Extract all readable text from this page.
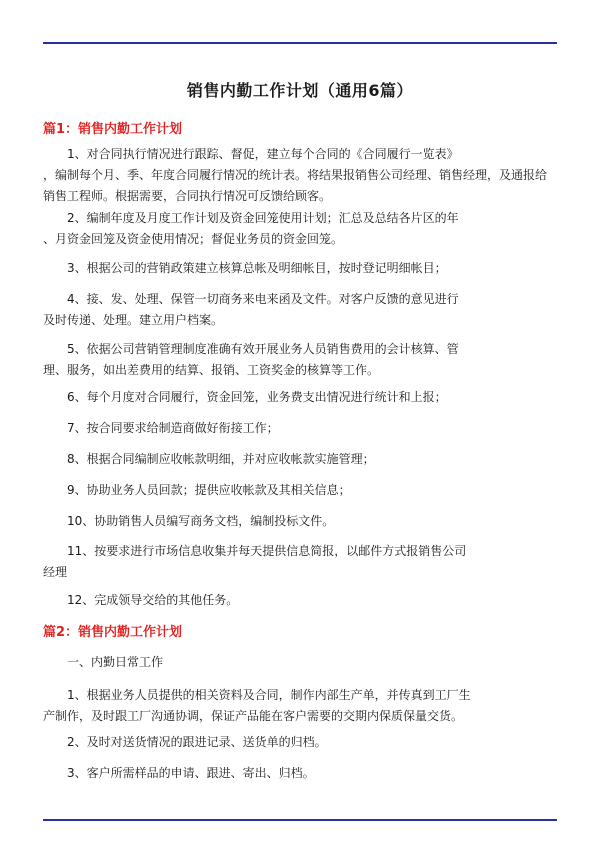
销售内勤工作计划（通用6篇）
篇1：销售内勤工作计划
1、对合同执行情况进行跟踪、督促，建立每个合同的《合同履行一览表》
，编制每个月、季、年度合同履行情况的统计表。将结果报销售公司经理、销售经理，及通报给
销售工程师。根据需要，合同执行情况可反馈给顾客。
2、编制年度及月度工作计划及资金回笼使用计划；汇总及总结各片区的年
、月资金回笼及资金使用情况；督促业务员的资金回笼。
3、根据公司的营销政策建立核算总帐及明细帐目，按时登记明细帐目；
4、接、发、处理、保管一切商务来电来函及文件。对客户反馈的意见进行
及时传递、处理。建立用户档案。
5、依据公司营销管理制度准确有效开展业务人员销售费用的会计核算、管
理、服务，如出差费用的结算、报销、工资奖金的核算等工作。
6、每个月度对合同履行，资金回笼，业务费支出情况进行统计和上报；
7、按合同要求给制造商做好衔接工作；
8、根据合同编制应收帐款明细，并对应收帐款实施管理；
9、协助业务人员回款；提供应收帐款及其相关信息；
10、协助销售人员编写商务文档，编制投标文件。
11、按要求进行市场信息收集并每天提供信息简报，以邮件方式报销售公司
经理
12、完成领导交给的其他任务。
篇2：销售内勤工作计划
一、内勤日常工作
1、根据业务人员提供的相关资料及合同，制作内部生产单，并传真到工厂生
产制作，及时跟工厂沟通协调，保证产品能在客户需要的交期内保质保量交货。
2、及时对送货情况的跟进记录、送货单的归档。
3、客户所需样品的申请、跟进、寄出、归档。
